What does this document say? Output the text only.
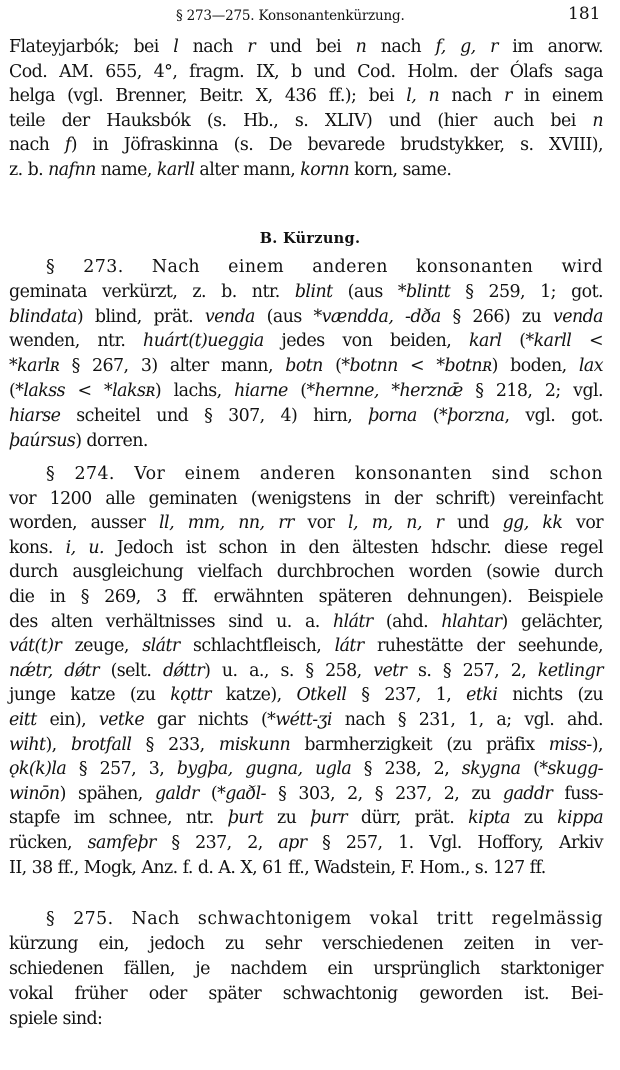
§ 273—275. Konsonantenkürzung.	181
B. Kürzung.
Flateyjarbók; bei l nach r und bei n nach f, g, r im anorw.
Cod. AM. 655, 4°, fragm. IX, b und Cod. Holm. der Ólafs saga
helga (vgl. Brenner, Beitr. X, 436 ff.); bei l, n nach r in einem
teile der Hauksbók (s. Hb., s. XLIV) und (hier auch bei n
nach f) in Jöfraskinna (s. De bevarede brudstykker, s. XVIII),
z. b. nafnn name, karll alter mann, kornn korn, same.
§ 273. Nach einem anderen konsonanten wird
geminata verkürzt, z. b. ntr. blint (aus *blintt § 259, 1; got.
blindata) blind, prät. venda (aus *vændda, -dða § 266) zu venda
wenden, ntr. huárt(t)ueggia jedes von beiden, karl (*karll <
*karlʀ § 267, 3) alter mann, botn (*botnn < *botnʀ) boden, lax
(*lakss < *laksʀ) lachs, hiarne (*hernne, *herznǣ § 218, 2; vgl.
hiarse scheitel und § 307, 4) hirn, þorna (*þorzna, vgl. got.
þaúrsus) dorren.
§ 274. Vor einem anderen konsonanten sind schon
vor 1200 alle geminaten (wenigstens in der schrift) vereinfacht
worden, ausser ll, mm, nn, rr vor l, m, n, r und gg, kk vor
kons. i, u. Jedoch ist schon in den ältesten hdschr. diese regel
durch ausgleichung vielfach durchbrochen worden (sowie durch
die in § 269, 3 ff. erwähnten späteren dehnungen). Beispiele
des alten verhältnisses sind u. a. hlátr (ahd. hlahtar) gelächter,
vát(t)r zeuge, slátr schlachtfleisch, látr ruhestätte der seehunde,
nǽtr, dǿtr (selt. dǿttr) u. a., s. § 258, vetr s. § 257, 2, ketlingr
junge katze (zu kǫttr katze), Otkell § 237, 1, etki nichts (zu
eitt ein), vetke gar nichts (*wétt-ʒi nach § 231, 1, a; vgl. ahd.
wiht), brotfall § 233, miskunn barmherzigkeit (zu präfix miss-),
ǫk(k)la § 257, 3, bygþa, gugna, ugla § 238, 2, skygna (*skugg-
winōn) spähen, galdr (*gaðl- § 303, 2, § 237, 2, zu gaddr fuss-
stapfe im schnee, ntr. þurt zu þurr dürr, prät. kipta zu kippa
rücken, samfeþr § 237, 2, apr § 257, 1. Vgl. Hoffory, Arkiv
II, 38 ff., Mogk, Anz. f. d. A. X, 61 ff., Wadstein, F. Hom., s. 127 ff.
§ 275. Nach schwachtonigem vokal tritt regelmässig
kürzung ein, jedoch zu sehr verschiedenen zeiten in ver-
schiedenen fällen, je nachdem ein ursprünglich starktoniger
vokal früher oder später schwachtonig geworden ist. Bei-
spiele sind:
